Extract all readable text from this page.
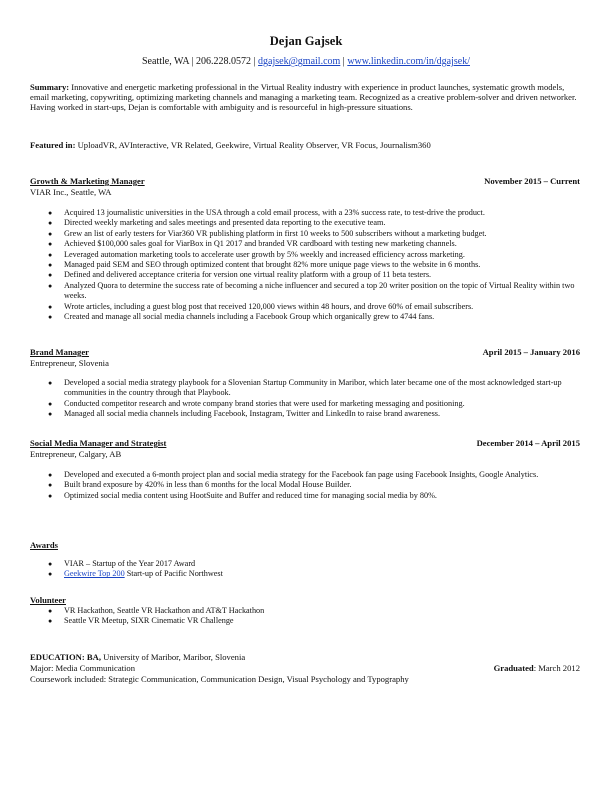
Dejan Gajsek
Seattle, WA | 206.228.0572 | dgajsek@gmail.com | www.linkedin.com/in/dgajsek/
Summary: Innovative and energetic marketing professional in the Virtual Reality industry with experience in product launches, systematic growth models, email marketing, copywriting, optimizing marketing channels and managing a marketing team. Recognized as a creative problem-solver and driven networker. Having worked in start-ups, Dejan is comfortable with ambiguity and is resourceful in high-pressure situations.
Featured in: UploadVR, AVInteractive, VR Related, Geekwire, Virtual Reality Observer, VR Focus, Journalism360
Growth & Marketing Manager	November 2015 – Current
VIAR Inc., Seattle, WA
● Acquired 13 journalistic universities in the USA through a cold email process, with a 23% success rate, to test-drive the product.
● Directed weekly marketing and sales meetings and presented data reporting to the executive team.
● Grew an list of early testers for Viar360 VR publishing platform in first 10 weeks to 500 subscribers without a marketing budget.
● Achieved $100,000 sales goal for ViarBox in Q1 2017 and branded VR cardboard with testing new marketing channels.
● Leveraged automation marketing tools to accelerate user growth by 5% weekly and increased efficiency across marketing.
● Managed paid SEM and SEO through optimized content that brought 82% more unique page views to the website in 6 months.
● Defined and delivered acceptance criteria for version one virtual reality platform with a group of 11 beta testers.
● Analyzed Quora to determine the success rate of becoming a niche influencer and secured a top 20 writer position on the topic of Virtual Reality within two weeks.
● Wrote articles, including a guest blog post that received 120,000 views within 48 hours, and drove 60% of email subscribers.
● Created and manage all social media channels including a Facebook Group which organically grew to 4744 fans.
Brand Manager	April 2015 – January 2016
Entrepreneur, Slovenia
● Developed a social media strategy playbook for a Slovenian Startup Community in Maribor, which later became one of the most acknowledged start-up communities in the country through that Playbook.
● Conducted competitor research and wrote company brand stories that were used for marketing messaging and positioning.
● Managed all social media channels including Facebook, Instagram, Twitter and LinkedIn to raise brand awareness.
Social Media Manager and Strategist	December 2014 – April 2015
Entrepreneur, Calgary, AB
● Developed and executed a 6-month project plan and social media strategy for the Facebook fan page using Facebook Insights, Google Analytics.
● Built brand exposure by 420% in less than 6 months for the local Modal House Builder.
● Optimized social media content using HootSuite and Buffer and reduced time for managing social media by 80%.
Awards
● VIAR – Startup of the Year 2017 Award
● Geekwire Top 200 Start-up of Pacific Northwest
Volunteer
● VR Hackathon, Seattle VR Hackathon and AT&T Hackathon
● Seattle VR Meetup, SIXR Cinematic VR Challenge
EDUCATION: BA, University of Maribor, Maribor, Slovenia
Major: Media Communication	Graduated: March 2012
Coursework included: Strategic Communication, Communication Design, Visual Psychology and Typography
